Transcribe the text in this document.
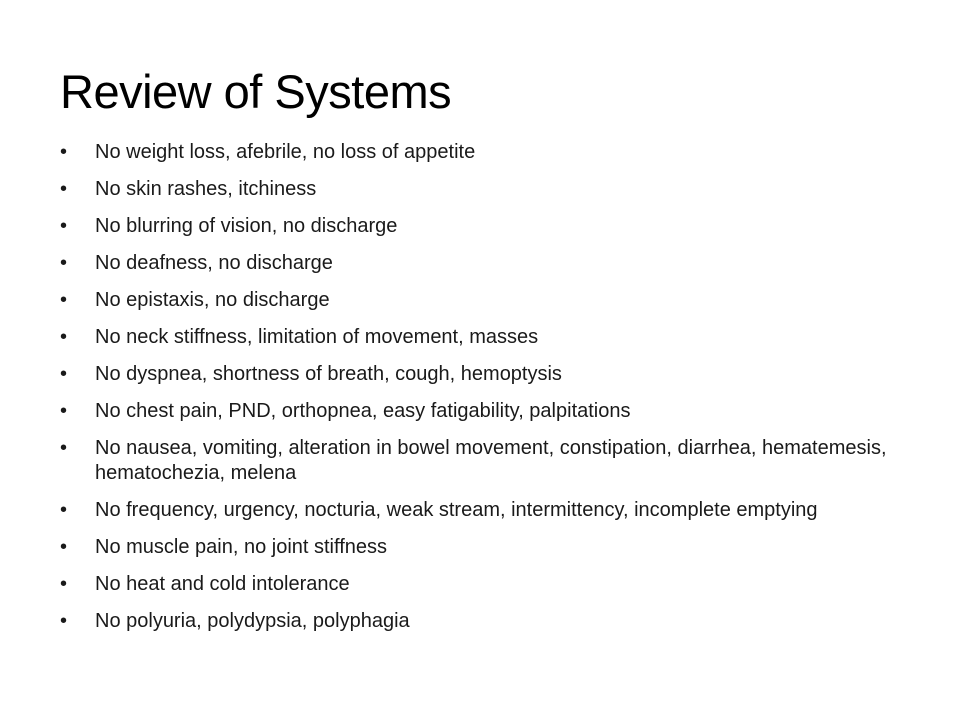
Review of Systems
•	No weight loss, afebrile, no loss of appetite
•	No skin rashes, itchiness
•	No blurring of vision, no discharge
•	No deafness, no discharge
•	No epistaxis, no discharge
•	No neck stiffness, limitation of movement, masses
•	No dyspnea, shortness of breath, cough, hemoptysis
•	No chest pain, PND, orthopnea, easy fatigability, palpitations
•	No nausea, vomiting, alteration in bowel movement, constipation, diarrhea, hematemesis, hematochezia, melena
•	No frequency, urgency, nocturia, weak stream, intermittency, incomplete emptying
•	No muscle pain, no joint stiffness
•	No heat and cold intolerance
•	No polyuria, polydypsia, polyphagia
